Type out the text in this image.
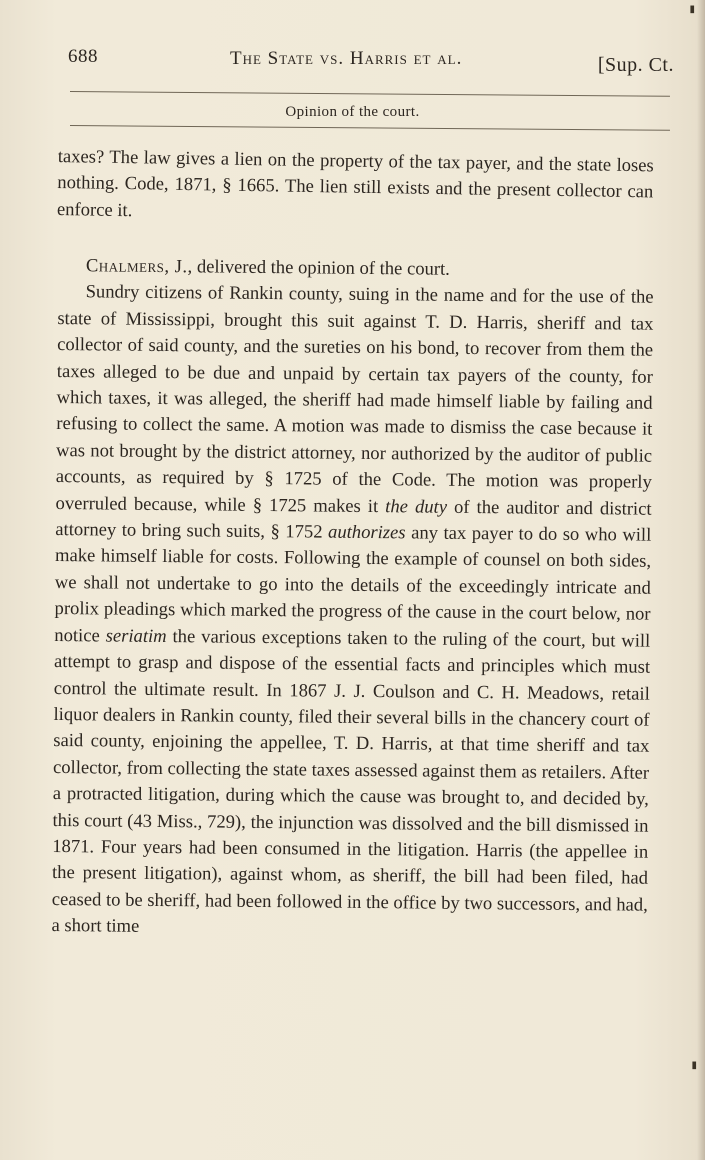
688	The State vs. Harris et al.	[Sup. Ct.
Opinion of the court.

taxes? The law gives a lien on the property of the tax payer, and the state loses nothing. Code, 1871, § 1665. The lien still exists and the present collector can enforce it.

Chalmers, J., delivered the opinion of the court.
Sundry citizens of Rankin county, suing in the name and for the use of the state of Mississippi, brought this suit against T. D. Harris, sheriff and tax collector of said county, and the sureties on his bond, to recover from them the taxes alleged to be due and unpaid by certain tax payers of the county, for which taxes, it was alleged, the sheriff had made himself liable by failing and refusing to collect the same. A motion was made to dismiss the case because it was not brought by the district attorney, nor authorized by the auditor of public accounts, as required by § 1725 of the Code. The motion was properly overruled because, while § 1725 makes it the duty of the auditor and district attorney to bring such suits, § 1752 authorizes any tax payer to do so who will make himself liable for costs. Following the example of counsel on both sides, we shall not undertake to go into the details of the exceedingly intricate and prolix pleadings which marked the progress of the cause in the court below, nor notice seriatim the various exceptions taken to the ruling of the court, but will attempt to grasp and dispose of the essential facts and principles which must control the ultimate result. In 1867 J. J. Coulson and C. H. Meadows, retail liquor dealers in Rankin county, filed their several bills in the chancery court of said county, enjoining the appellee, T. D. Harris, at that time sheriff and tax collector, from collecting the state taxes assessed against them as retailers. After a protracted litigation, during which the cause was brought to, and decided by, this court (43 Miss., 729), the injunction was dissolved and the bill dismissed in 1871. Four years had been consumed in the litigation. Harris (the appellee in the present litigation), against whom, as sheriff, the bill had been filed, had ceased to be sheriff, had been followed in the office by two successors, and had, a short time

▮
▮
